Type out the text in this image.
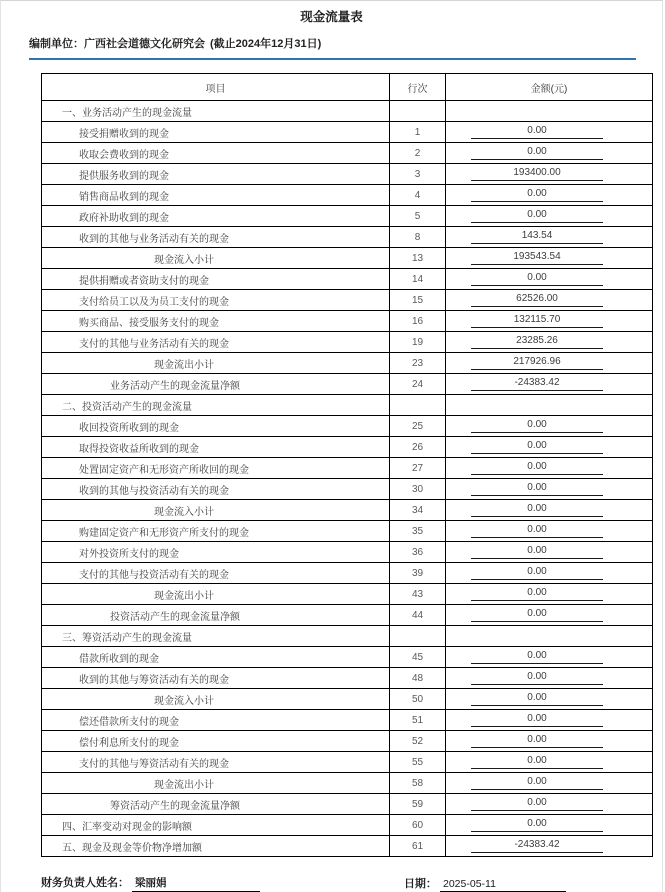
现金流量表
编制单位：广西社会道德文化研究会 (截止2024年12月31日)
项目	行次	金额(元)
一、业务活动产生的现金流量		
接受捐赠收到的现金	1	0.00
收取会费收到的现金	2	0.00
提供服务收到的现金	3	193400.00
销售商品收到的现金	4	0.00
政府补助收到的现金	5	0.00
收到的其他与业务活动有关的现金	8	143.54
现金流入小计	13	193543.54
提供捐赠或者资助支付的现金	14	0.00
支付给员工以及为员工支付的现金	15	62526.00
购买商品、接受服务支付的现金	16	132115.70
支付的其他与业务活动有关的现金	19	23285.26
现金流出小计	23	217926.96
业务活动产生的现金流量净额	24	-24383.42
二、投资活动产生的现金流量		
收回投资所收到的现金	25	0.00
取得投资收益所收到的现金	26	0.00
处置固定资产和无形资产所收回的现金	27	0.00
收到的其他与投资活动有关的现金	30	0.00
现金流入小计	34	0.00
购建固定资产和无形资产所支付的现金	35	0.00
对外投资所支付的现金	36	0.00
支付的其他与投资活动有关的现金	39	0.00
现金流出小计	43	0.00
投资活动产生的现金流量净额	44	0.00
三、筹资活动产生的现金流量		
借款所收到的现金	45	0.00
收到的其他与筹资活动有关的现金	48	0.00
现金流入小计	50	0.00
偿还借款所支付的现金	51	0.00
偿付利息所支付的现金	52	0.00
支付的其他与筹资活动有关的现金	55	0.00
现金流出小计	58	0.00
筹资活动产生的现金流量净额	59	0.00
四、汇率变动对现金的影响额	60	0.00
五、现金及现金等价物净增加额	61	-24383.42
财务负责人姓名： 梁丽娟	日期： 2025-05-11
